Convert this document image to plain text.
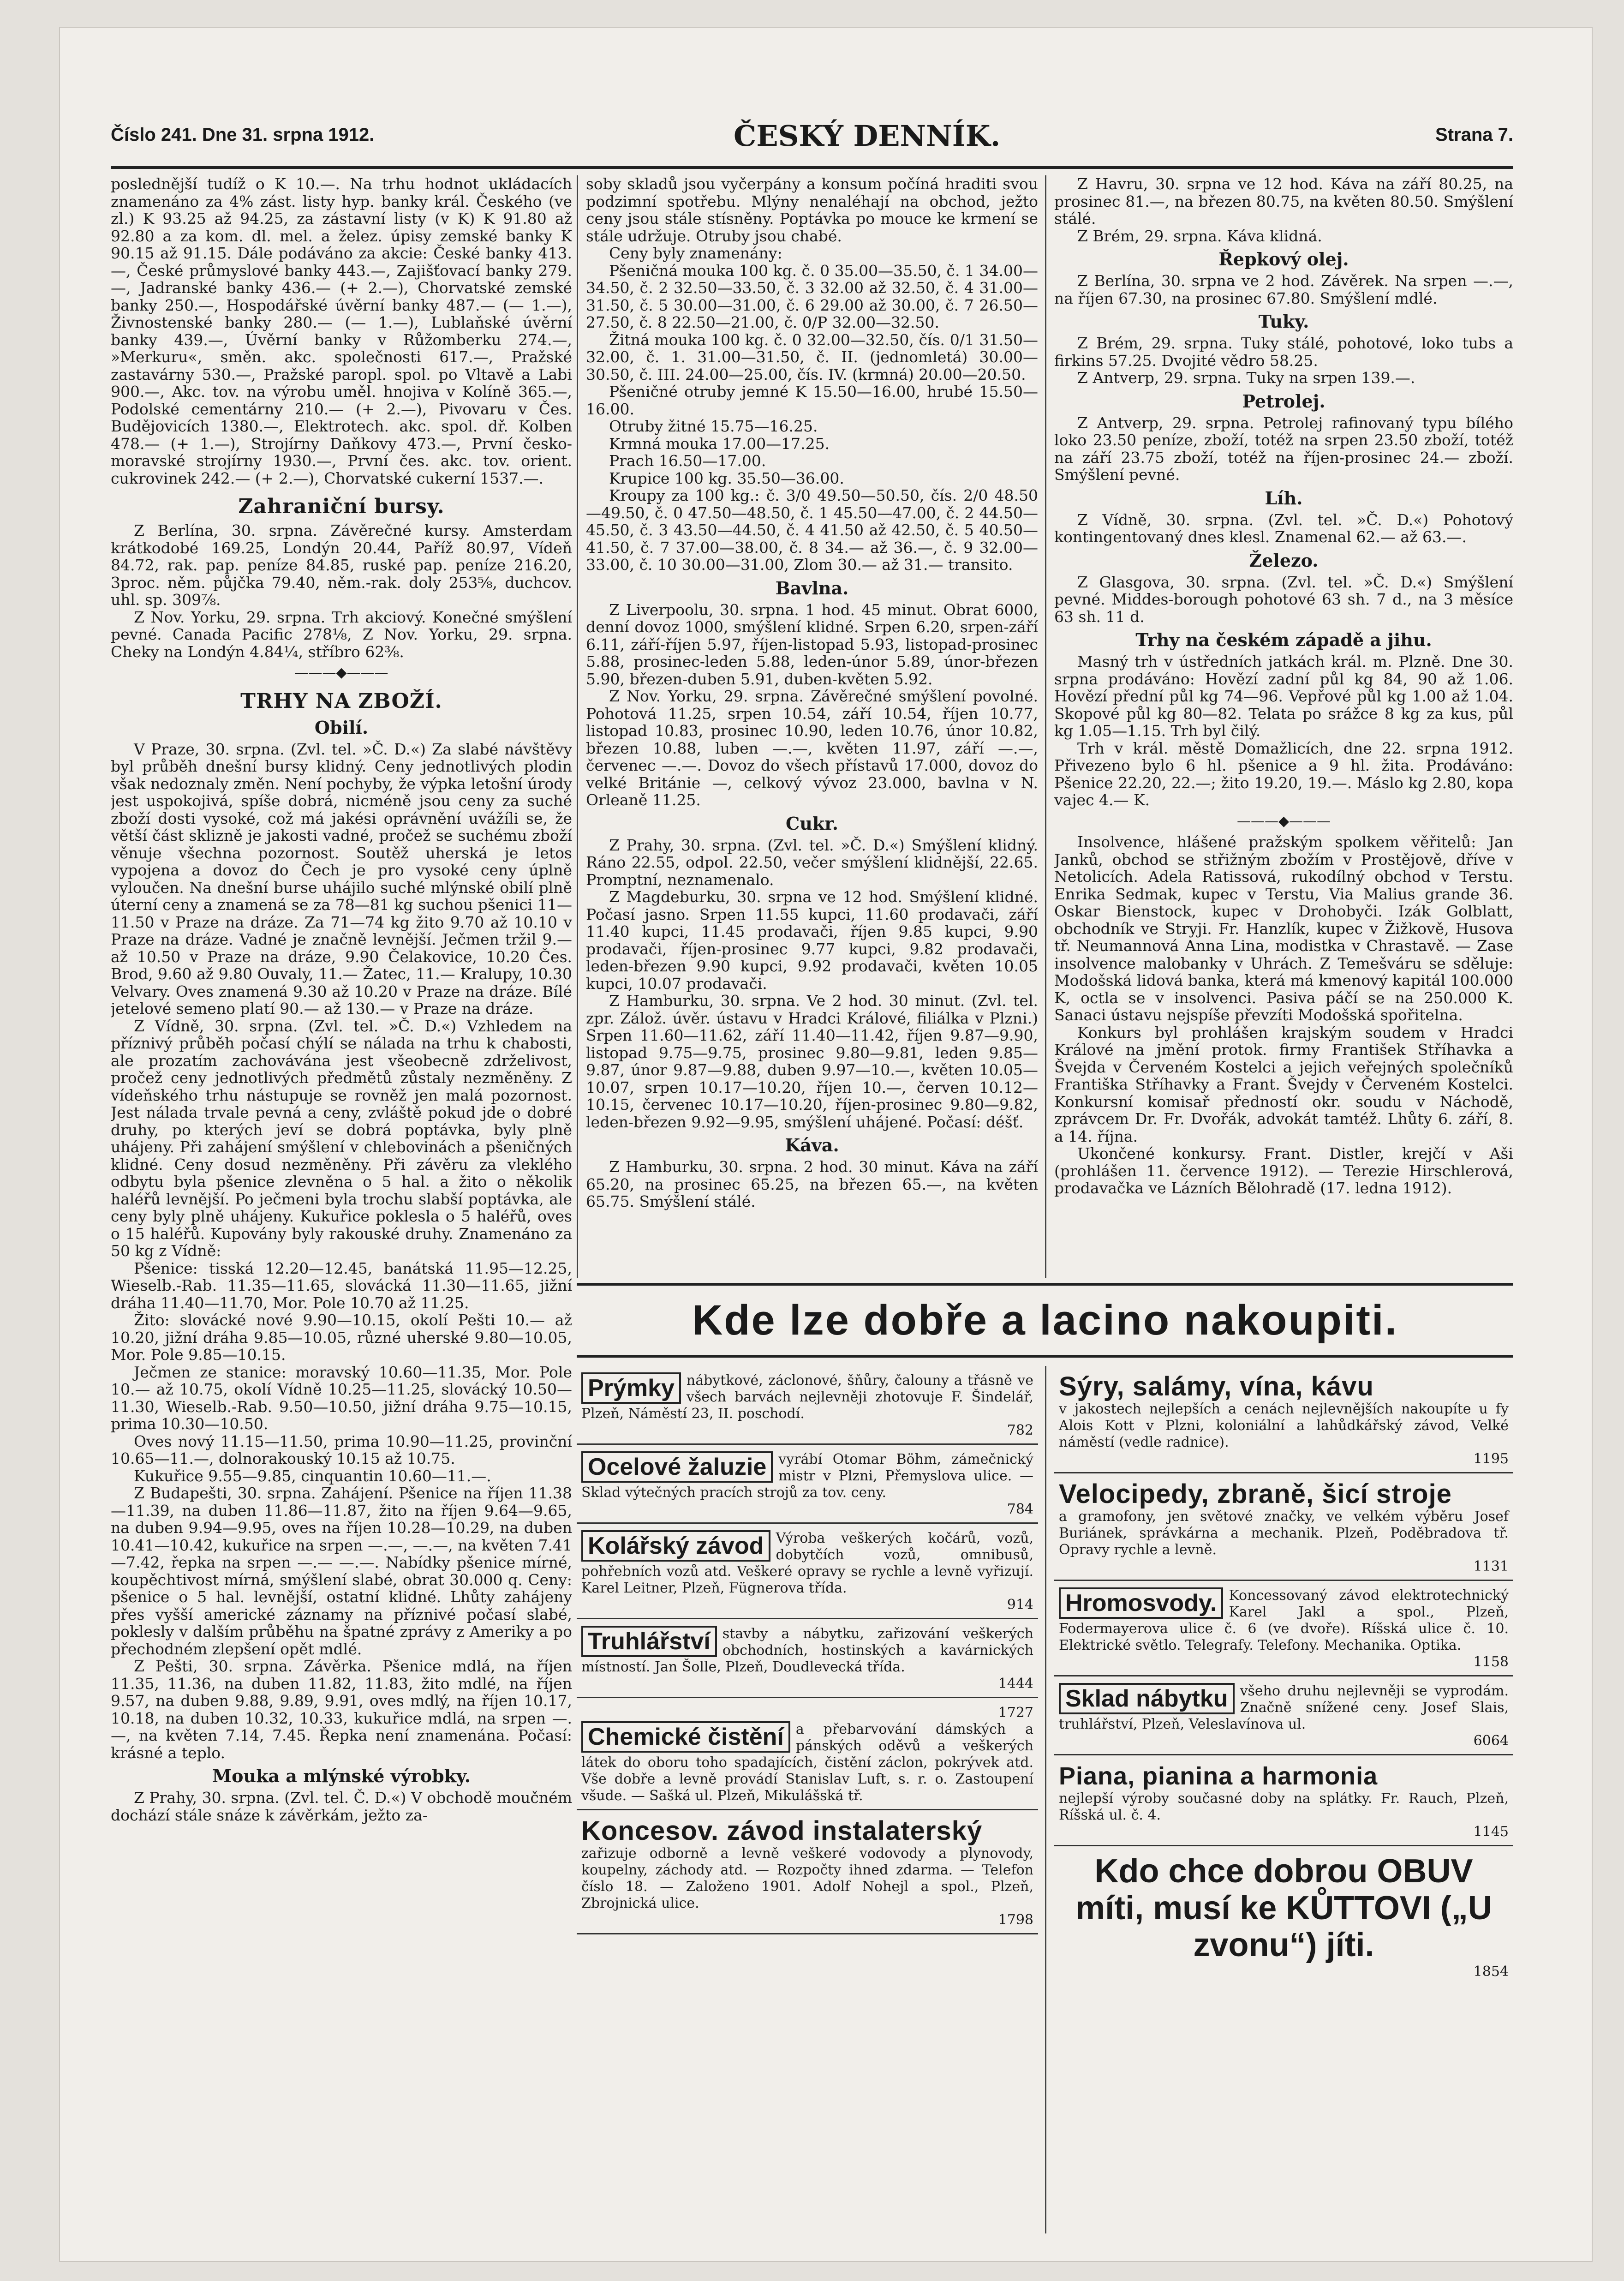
Číslo 241. Dne 31. srpna 1912.	ČESKÝ DENNÍK.	Strana 7.

poslednější tudíž o K 10.—. Na trhu hodnot ukládacích znamenáno za 4% zást. listy hyp. banky král. Českého (ve zl.) K 93.25 až 94.25, za zástavní listy (v K) K 91.80 až 92.80 a za kom. dl. mel. a želez. úpisy zemské banky K 90.15 až 91.15. Dále podáváno za akcie: České banky 413.—, České průmyslové banky 443.—, Zajišťovací banky 279.—, Jadranské banky 436.— (+ 2.—), Chorvatské zemské banky 250.—, Hospodářské úvěrní banky 487.— (— 1.—), Živnostenské banky 280.— (— 1.—), Lublaňské úvěrní banky 439.—, Úvěrní banky v Růžomberku 274.—, »Merkuru«, směn. akc. společnosti 617.—, Pražské zastavárny 530.—, Pražské paropl. spol. po Vltavě a Labi 900.—, Akc. tov. na výrobu uměl. hnojiva v Kolíně 365.—, Podolské cementárny 210.— (+ 2.—), Pivovaru v Čes. Budějovicích 1380.—, Elektrotech. akc. spol. dř. Kolben 478.— (+ 1.—), Strojírny Daňkovy 473.—, První česko-moravské strojírny 1930.—, První čes. akc. tov. orient. cukrovinek 242.— (+ 2.—), Chorvatské cukerní 1537.—.

Zahraniční bursy.

Z Berlína, 30. srpna. Závěrečné kursy. Amsterdam krátkodobé 169.25, Londýn 20.44, Paříž 80.97, Vídeň 84.72, rak. pap. peníze 84.85, ruské pap. peníze 216.20, 3proc. něm. půjčka 79.40, něm.-rak. doly 253⅝, duchcov. uhl. sp. 309⅞.

Z Nov. Yorku, 29. srpna. Trh akciový. Konečné smýšlení pevné. Canada Pacific 278⅛, Z Nov. Yorku, 29. srpna. Cheky na Londýn 4.84¼, stříbro 62⅜.

———◆———
TRHY NA ZBOŽÍ.
Obilí.

V Praze, 30. srpna. (Zvl. tel. »Č. D.«) Za slabé návštěvy byl průběh dnešní bursy klidný. Ceny jednotlivých plodin však nedoznaly změn. Není pochyby, že výpka letošní úrody jest uspokojivá, spíše dobrá, nicméně jsou ceny za suché zboží dosti vysoké, což má jakési oprávnění uvážíli se, že větší část sklizně je jakosti vadné, pročež se suchému zboží věnuje všechna pozornost. Soutěž uherská je letos vypojena a dovoz do Čech je pro vysoké ceny úplně vyloučen. Na dnešní burse uhájilo suché mlýnské obilí plně úterní ceny a znamená se za 78—81 kg suchou pšenici 11—11.50 v Praze na dráze. Za 71—74 kg žito 9.70 až 10.10 v Praze na dráze. Vadné je značně levnější. Ječmen tržil 9.— až 10.50 v Praze na dráze, 9.90 Čelakovice, 10.20 Čes. Brod, 9.60 až 9.80 Ouvaly, 11.— Žatec, 11.— Kralupy, 10.30 Velvary. Oves znamená 9.30 až 10.20 v Praze na dráze. Bílé jetelové semeno platí 90.— až 130.— v Praze na dráze.

Z Vídně, 30. srpna. (Zvl. tel. »Č. D.«) Vzhledem na příznivý průběh počasí chýlí se nálada na trhu k chabosti, ale prozatím zachovávána jest všeobecně zdrželivost, pročež ceny jednotlivých předmětů zůstaly nezměněny. Z vídeňského trhu nástupuje se rovněž jen malá pozornost. Jest nálada trvale pevná a ceny, zvláště pokud jde o dobré druhy, po kterých jeví se dobrá poptávka, byly plně uhájeny. Při zahájení smýšlení v chlebovinách a pšeničných klidné. Ceny dosud nezměněny. Při závěru za vleklého odbytu byla pšenice zlevněna o 5 hal. a žito o několik haléřů levnější. Po ječmeni byla trochu slabší poptávka, ale ceny byly plně uhájeny. Kukuřice poklesla o 5 haléřů, oves o 15 haléřů. Kupovány byly rakouské druhy. Znamenáno za 50 kg z Vídně:

Pšenice: tisská 12.20—12.45, banátská 11.95—12.25, Wieselb.-Rab. 11.35—11.65, slovácká 11.30—11.65, jižní dráha 11.40—11.70, Mor. Pole 10.70 až 11.25.

Žito: slovácké nové 9.90—10.15, okolí Pešti 10.— až 10.20, jižní dráha 9.85—10.05, různé uherské 9.80—10.05, Mor. Pole 9.85—10.15.

Ječmen ze stanice: moravský 10.60—11.35, Mor. Pole 10.— až 10.75, okolí Vídně 10.25—11.25, slovácký 10.50—11.30, Wieselb.-Rab. 9.50—10.50, jižní dráha 9.75—10.15, prima 10.30—10.50.

Oves nový 11.15—11.50, prima 10.90—11.25, provinční 10.65—11.—, dolnorakouský 10.15 až 10.75.

Kukuřice 9.55—9.85, cinquantin 10.60—11.—.

Z Budapešti, 30. srpna. Zahájení. Pšenice na říjen 11.38—11.39, na duben 11.86—11.87, žito na říjen 9.64—9.65, na duben 9.94—9.95, oves na říjen 10.28—10.29, na duben 10.41—10.42, kukuřice na srpen —.—, —.—, na květen 7.41—7.42, řepka na srpen —.— —.—. Nabídky pšenice mírné, koupěchtivost mírná, smýšlení slabé, obrat 30.000 q. Ceny: pšenice o 5 hal. levnější, ostatní klidné. Lhůty zahájeny přes vyšší americké záznamy na příznivé počasí slabé, poklesly v dalším průběhu na špatné zprávy z Ameriky a po přechodném zlepšení opět mdlé.

Z Pešti, 30. srpna. Závěrka. Pšenice mdlá, na říjen 11.35, 11.36, na duben 11.82, 11.83, žito mdlé, na říjen 9.57, na duben 9.88, 9.89, 9.91, oves mdlý, na říjen 10.17, 10.18, na duben 10.32, 10.33, kukuřice mdlá, na srpen —.—, na květen 7.14, 7.45. Řepka není znamenána. Počasí: krásné a teplo.

Mouka a mlýnské výrobky.

Z Prahy, 30. srpna. (Zvl. tel. Č. D.«) V obchodě moučném dochází stále snáze k závěrkám, ježto za-

soby skladů jsou vyčerpány a konsum počíná hraditi svou podzimní spotřebu. Mlýny nenaléhají na obchod, ježto ceny jsou stále stísněny. Poptávka po mouce ke krmení se stále udržuje. Otruby jsou chabé.

Ceny byly znamenány:

Pšeničná mouka 100 kg. č. 0 35.00—35.50, č. 1 34.00—34.50, č. 2 32.50—33.50, č. 3 32.00 až 32.50, č. 4 31.00—31.50, č. 5 30.00—31.00, č. 6 29.00 až 30.00, č. 7 26.50—27.50, č. 8 22.50—21.00, č. 0/P 32.00—32.50.

Žitná mouka 100 kg. č. 0 32.00—32.50, čís. 0/1 31.50—32.00, č. 1. 31.00—31.50, č. II. (jednomletá) 30.00—30.50, č. III. 24.00—25.00, čís. IV. (krmná) 20.00—20.50.

Pšeničné otruby jemné K 15.50—16.00, hrubé 15.50—16.00.

Otruby žitné 15.75—16.25.

Krmná mouka 17.00—17.25.

Prach 16.50—17.00.

Krupice 100 kg. 35.50—36.00.

Kroupy za 100 kg.: č. 3/0 49.50—50.50, čís. 2/0 48.50—49.50, č. 0 47.50—48.50, č. 1 45.50—47.00, č. 2 44.50—45.50, č. 3 43.50—44.50, č. 4 41.50 až 42.50, č. 5 40.50—41.50, č. 7 37.00—38.00, č. 8 34.— až 36.—, č. 9 32.00—33.00, č. 10 30.00—31.00, Zlom 30.— až 31.— transito.

Bavlna.

Z Liverpoolu, 30. srpna. 1 hod. 45 minut. Obrat 6000, denní dovoz 1000, smýšlení klidné. Srpen 6.20, srpen-září 6.11, září-říjen 5.97, říjen-listopad 5.93, listopad-prosinec 5.88, prosinec-leden 5.88, leden-únor 5.89, únor-březen 5.90, březen-duben 5.91, duben-květen 5.92.

Z Nov. Yorku, 29. srpna. Závěrečné smýšlení povolné. Pohotová 11.25, srpen 10.54, září 10.54, říjen 10.77, listopad 10.83, prosinec 10.90, leden 10.76, únor 10.82, březen 10.88, luben —.—, květen 11.97, září —.—, červenec —.—. Dovoz do všech přístavů 17.000, dovoz do velké Británie —, celkový vývoz 23.000, bavlna v N. Orleaně 11.25.

Cukr.

Z Prahy, 30. srpna. (Zvl. tel. »Č. D.«) Smýšlení klidný. Ráno 22.55, odpol. 22.50, večer smýšlení klidnější, 22.65. Promptní, neznamenalo.

Z Magdeburku, 30. srpna ve 12 hod. Smýšlení klidné. Počasí jasno. Srpen 11.55 kupci, 11.60 prodavači, září 11.40 kupci, 11.45 prodavači, říjen 9.85 kupci, 9.90 prodavači, říjen-prosinec 9.77 kupci, 9.82 prodavači, leden-březen 9.90 kupci, 9.92 prodavači, květen 10.05 kupci, 10.07 prodavači.

Z Hamburku, 30. srpna. Ve 2 hod. 30 minut. (Zvl. tel. zpr. Zálož. úvěr. ústavu v Hradci Králové, filiálka v Plzni.) Srpen 11.60—11.62, září 11.40—11.42, říjen 9.87—9.90, listopad 9.75—9.75, prosinec 9.80—9.81, leden 9.85—9.87, únor 9.87—9.88, duben 9.97—10.—, květen 10.05—10.07, srpen 10.17—10.20, říjen 10.—, červen 10.12—10.15, červenec 10.17—10.20, říjen-prosinec 9.80—9.82, leden-březen 9.92—9.95, smýšlení uhájené. Počasí: déšť.

Káva.

Z Hamburku, 30. srpna. 2 hod. 30 minut. Káva na září 65.20, na prosinec 65.25, na březen 65.—, na květen 65.75. Smýšlení stálé.

Z Havru, 30. srpna ve 12 hod. Káva na září 80.25, na prosinec 81.—, na březen 80.75, na květen 80.50. Smýšlení stálé.

Z Brém, 29. srpna. Káva klidná.

Řepkový olej.

Z Berlína, 30. srpna ve 2 hod. Závěrek. Na srpen —.—, na říjen 67.30, na prosinec 67.80. Smýšlení mdlé.

Tuky.

Z Brém, 29. srpna. Tuky stálé, pohotové, loko tubs a firkins 57.25. Dvojité vědro 58.25.

Z Antverp, 29. srpna. Tuky na srpen 139.—.

Petrolej.

Z Antverp, 29. srpna. Petrolej rafinovaný typu bílého loko 23.50 peníze, zboží, totéž na srpen 23.50 zboží, totéž na září 23.75 zboží, totéž na říjen-prosinec 24.— zboží. Smýšlení pevné.

Líh.

Z Vídně, 30. srpna. (Zvl. tel. »Č. D.«) Pohotový kontingentovaný dnes klesl. Znamenal 62.— až 63.—.

Železo.

Z Glasgova, 30. srpna. (Zvl. tel. »Č. D.«) Smýšlení pevné. Middes-borough pohotové 63 sh. 7 d., na 3 měsíce 63 sh. 11 d.

Trhy na českém západě a jihu.

Masný trh v ústředních jatkách král. m. Plzně. Dne 30. srpna prodáváno: Hovězí zadní půl kg 84, 90 až 1.06. Hovězí přední půl kg 74—96. Vepřové půl kg 1.00 až 1.04. Skopové půl kg 80—82. Telata po srážce 8 kg za kus, půl kg 1.05—1.15. Trh byl čilý.

Trh v král. městě Domažlicích, dne 22. srpna 1912. Přivezeno bylo 6 hl. pšenice a 9 hl. žita. Prodáváno: Pšenice 22.20, 22.—; žito 19.20, 19.—. Máslo kg 2.80, kopa vajec 4.— K.

———◆———

Insolvence, hlášené pražským spolkem věřitelů: Jan Janků, obchod se střižným zbožím v Prostějově, dříve v Netolicích. Adela Ratissová, rukodílný obchod v Terstu. Enrika Sedmak, kupec v Terstu, Via Malius grande 36. Oskar Bienstock, kupec v Drohobyči. Izák Golblatt, obchodník ve Stryji. Fr. Hanzlík, kupec v Žižkově, Husova tř. Neumannová Anna Lina, modistka v Chrastavě. — Zase insolvence malobanky v Uhrách. Z Temešváru se sděluje: Modošská lidová banka, která má kmenový kapitál 100.000 K, octla se v insolvenci. Pasiva páčí se na 250.000 K. Sanaci ústavu nejspíše převzíti Modošská spořitelna.

Konkurs byl prohlášen krajským soudem v Hradci Králové na jmění protok. firmy František Stříhavka a Švejda v Červeném Kostelci a jejich veřejných společníků Františka Stříhavky a Frant. Švejdy v Červeném Kostelci. Konkursní komisař předností okr. soudu v Náchodě, zprávcem Dr. Fr. Dvořák, advokát tamtéž. Lhůty 6. září, 8. a 14. října.

Ukončené konkursy. Frant. Distler, krejčí v Aši (prohlášen 11. července 1912). — Terezie Hirschlerová, prodavačka ve Lázních Bělohradě (17. ledna 1912).

Kde lze dobře a lacino nakoupiti.
Prýmky nábytkové, záclonové, šňůry, čalouny a třásně ve všech barvách nejlevněji zhotovuje F. Šindelář, Plzeň, Náměstí 23, II. poschodí.
782
Ocelové žaluzie vyrábí Otomar Böhm, zámečnický mistr v Plzni, Přemyslova ulice. — Sklad výtečných pracích strojů za tov. ceny.
784
Kolářský závod Výroba veškerých kočárů, vozů, dobytčích vozů, omnibusů, pohřebních vozů atd. Veškeré opravy se rychle a levně vyřizují. Karel Leitner, Plzeň, Fügnerova třída.
914
Truhlářství stavby a nábytku, zařizování veškerých obchodních, hostinských a kavárnických místností. Jan Šolle, Plzeň, Doudlevecká třída.
1444
1727
Chemické čistění a přebarvování dámských a pánských oděvů a veškerých látek do oboru toho spadajících, čistění záclon, pokrývek atd. Vše dobře a levně provádí Stanislav Luft, s. r. o. Zastoupení všude. — Sašká ul. Plzeň, Mikulášská tř.
Koncesov. závod instalaterský
zařizuje odborně a levně veškeré vodovody a plynovody, koupelny, záchody atd. — Rozpočty ihned zdarma. — Telefon číslo 18. — Založeno 1901. Adolf Nohejl a spol., Plzeň, Zbrojnická ulice.
1798
Sýry, salámy, vína, kávu
v jakostech nejlepších a cenách nejlevnějších nakoupíte u fy Alois Kott v Plzni, koloniální a lahůdkářský závod, Velké náměstí (vedle radnice).
1195
Velocipedy, zbraně, šicí stroje
a gramofony, jen světové značky, ve velkém výběru Josef Buriánek, správkárna a mechanik. Plzeň, Poděbradova tř. Opravy rychle a levně.
1131
Hromosvody. Koncessovaný závod elektrotechnický Karel Jakl a spol., Plzeň, Fodermayerova ulice č. 6 (ve dvoře). Ríšská ulice č. 10. Elektrické světlo. Telegrafy. Telefony. Mechanika. Optika.
1158
Sklad nábytku všeho druhu nejlevněji se vyprodám. Značně snížené ceny. Josef Slais, truhlářství, Plzeň, Veleslavínova ul.
6064
Piana, pianina a harmonia
nejlepší výroby současné doby na splátky. Fr. Rauch, Plzeň, Ríšská ul. č. 4.
1145
Kdo chce dobrou OBUV míti, musí ke KŮTTOVI („U zvonu“) jíti.
1854
